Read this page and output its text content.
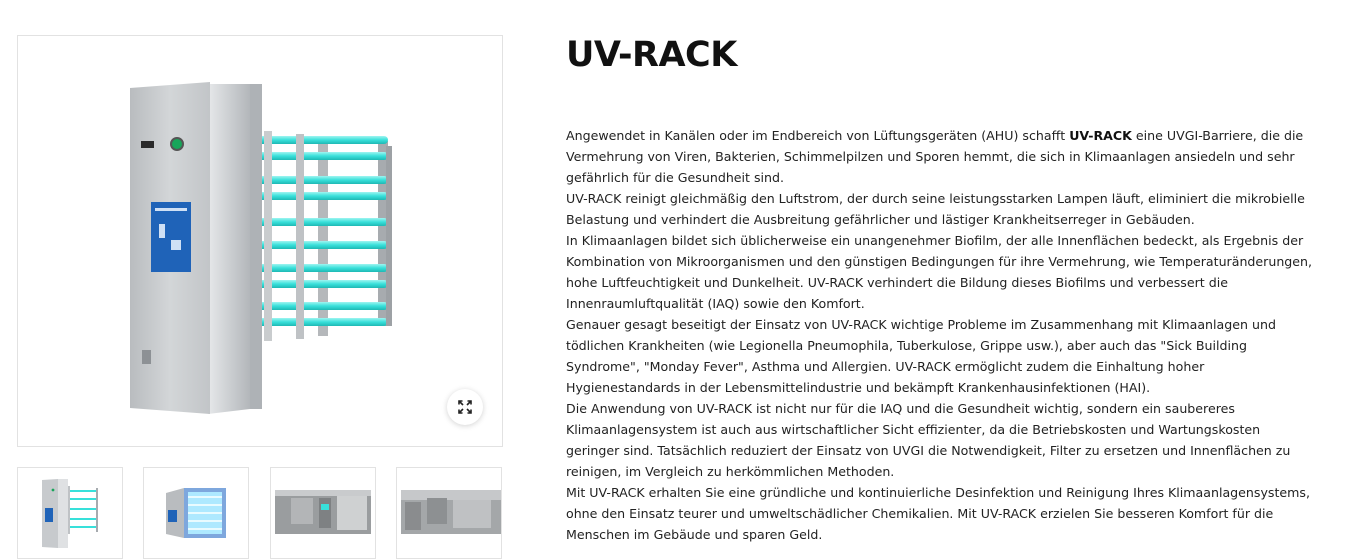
UV-RACK

Angewendet in Kanälen oder im Endbereich von Lüftungsgeräten (AHU) schafft UV-RACK eine UVGI-Barriere, die die Vermehrung von Viren, Bakterien, Schimmelpilzen und Sporen hemmt, die sich in Klimaanlagen ansiedeln und sehr gefährlich für die Gesundheit sind.

UV-RACK reinigt gleichmäßig den Luftstrom, der durch seine leistungsstarken Lampen läuft, eliminiert die mikrobielle Belastung und verhindert die Ausbreitung gefährlicher und lästiger Krankheitserreger in Gebäuden.

In Klimaanlagen bildet sich üblicherweise ein unangenehmer Biofilm, der alle Innenflächen bedeckt, als Ergebnis der Kombination von Mikroorganismen und den günstigen Bedingungen für ihre Vermehrung, wie Temperaturänderungen, hohe Luftfeuchtigkeit und Dunkelheit. UV-RACK verhindert die Bildung dieses Biofilms und verbessert die Innenraumluftqualität (IAQ) sowie den Komfort.

Genauer gesagt beseitigt der Einsatz von UV-RACK wichtige Probleme im Zusammenhang mit Klimaanlagen und tödlichen Krankheiten (wie Legionella Pneumophila, Tuberkulose, Grippe usw.), aber auch das "Sick Building Syndrome", "Monday Fever", Asthma und Allergien. UV-RACK ermöglicht zudem die Einhaltung hoher Hygienestandards in der Lebensmittelindustrie und bekämpft Krankenhausinfektionen (HAI).

Die Anwendung von UV-RACK ist nicht nur für die IAQ und die Gesundheit wichtig, sondern ein saubereres Klimaanlagensystem ist auch aus wirtschaftlicher Sicht effizienter, da die Betriebskosten und Wartungskosten geringer sind. Tatsächlich reduziert der Einsatz von UVGI die Notwendigkeit, Filter zu ersetzen und Innenflächen zu reinigen, im Vergleich zu herkömmlichen Methoden.

Mit UV-RACK erhalten Sie eine gründliche und kontinuierliche Desinfektion und Reinigung Ihres Klimaanlagensystems, ohne den Einsatz teurer und umweltschädlicher Chemikalien. Mit UV-RACK erzielen Sie besseren Komfort für die Menschen im Gebäude und sparen Geld.
